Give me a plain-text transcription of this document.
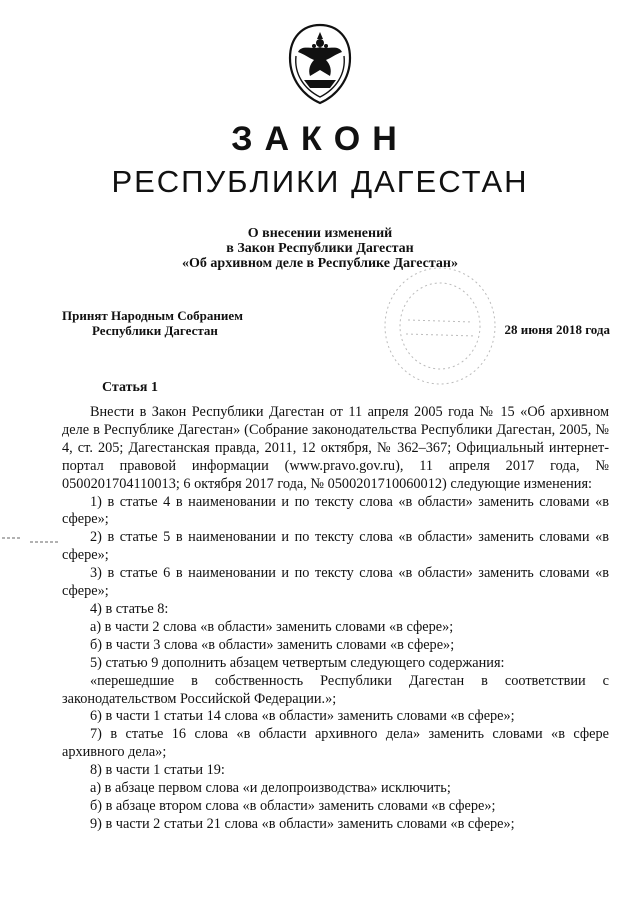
ЗАКОН
РЕСПУБЛИКИ ДАГЕСТАН
О внесении изменений
в Закон Республики Дагестан
«Об архивном деле в Республике Дагестан»
Принят Народным Собранием
Республики Дагестан	28 июня 2018 года
Статья 1

Внести в Закон Республики Дагестан от 11 апреля 2005 года № 15 «Об архивном деле в Республике Дагестан» (Собрание законодательства Республики Дагестан, 2005, № 4, ст. 205; Дагестанская правда, 2011, 12 октября, № 362–367; Официальный интернет-портал правовой информации (www.pravo.gov.ru), 11 апреля 2017 года, № 0500201704110013; 6 октября 2017 года, № 0500201710060012) следующие изменения:

1) в статье 4 в наименовании и по тексту слова «в области» заменить словами «в сфере»;

2) в статье 5 в наименовании и по тексту слова «в области» заменить словами «в сфере»;

3) в статье 6 в наименовании и по тексту слова «в области» заменить словами «в сфере»;

4) в статье 8:

а) в части 2 слова «в области» заменить словами «в сфере»;

б) в части 3 слова «в области» заменить словами «в сфере»;

5) статью 9 дополнить абзацем четвертым следующего содержания:

«перешедшие в собственность Республики Дагестан в соответствии с законодательством Российской Федерации.»;

6) в части 1 статьи 14 слова «в области» заменить словами «в сфере»;

7) в статье 16 слова «в области архивного дела» заменить словами «в сфере архивного дела»;

8) в части 1 статьи 19:

а) в абзаце первом слова «и делопроизводства» исключить;

б) в абзаце втором слова «в области» заменить словами «в сфере»;

9) в части 2 статьи 21 слова «в области» заменить словами «в сфере»;
